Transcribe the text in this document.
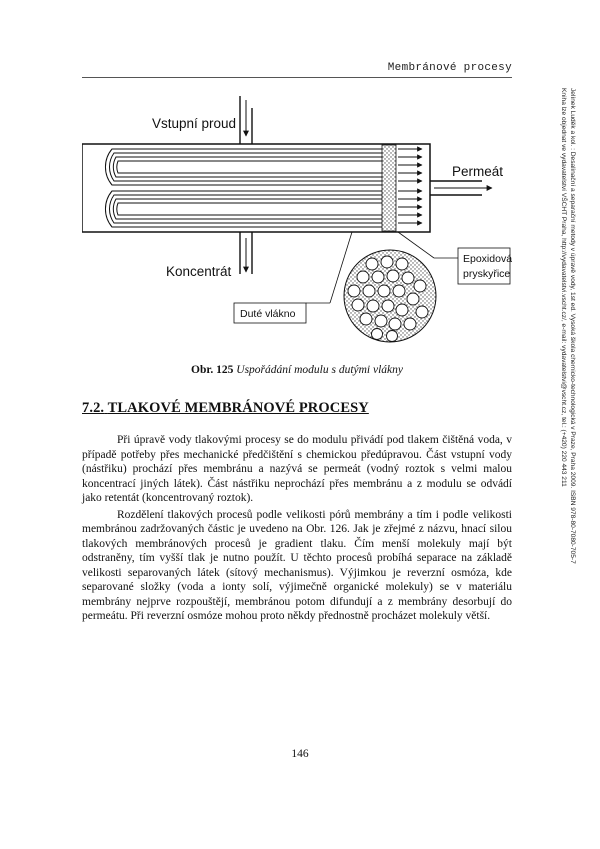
Membránové procesy
Jelínek Luděk a kol. : Desalinační a separační metody v úpravě vody, 1st ed. Vysoká škola chemicko-technologická v Praze, Praha 2009. ISBN 978-80-7080-705-7
Kniha lze objednat ve vydavatelství VŠCHT Praha, http://vydavatelstvi.vscht.cz/, e-mail: vydavatelstvi@vscht.cz, tel.: (+420) 220 443 211
Vstupní proud
Koncentrát
Permeát
Epoxidová
pryskyřice
Duté vlákno
Obr. 125 Uspořádání modulu s dutými vlákny
7.2. TLAKOVÉ MEMBRÁNOVÉ PROCESY

Při úpravě vody tlakovými procesy se do modulu přivádí pod tlakem čištěná voda, v případě potřeby přes mechanické předčištění s chemickou předúpravou. Část vstupní vody (nástřiku) prochází přes membránu a nazývá se permeát (vodný roztok s velmi malou koncentrací jiných látek). Část nástřiku neprochází přes membránu a z modulu se odvádí jako retentát (koncentrovaný roztok).

Rozdělení tlakových procesů podle velikosti pórů membrány a tím i podle velikosti membránou zadržovaných částic je uvedeno na Obr. 126. Jak je zřejmé z názvu, hnací silou tlakových membránových procesů je gradient tlaku. Čím menší molekuly mají být odstraněny, tím vyšší tlak je nutno použít. U těchto procesů probíhá separace na základě velikosti separovaných látek (sítový mechanismus). Výjimkou je reverzní osmóza, kde separované složky (voda a ionty solí, výjimečně organické molekuly) se v materiálu membrány nejprve rozpouštějí, membránou potom difundují a z membrány desorbují do permeátu. Při reverzní osmóze mohou proto někdy přednostně procházet molekuly větší.

146
